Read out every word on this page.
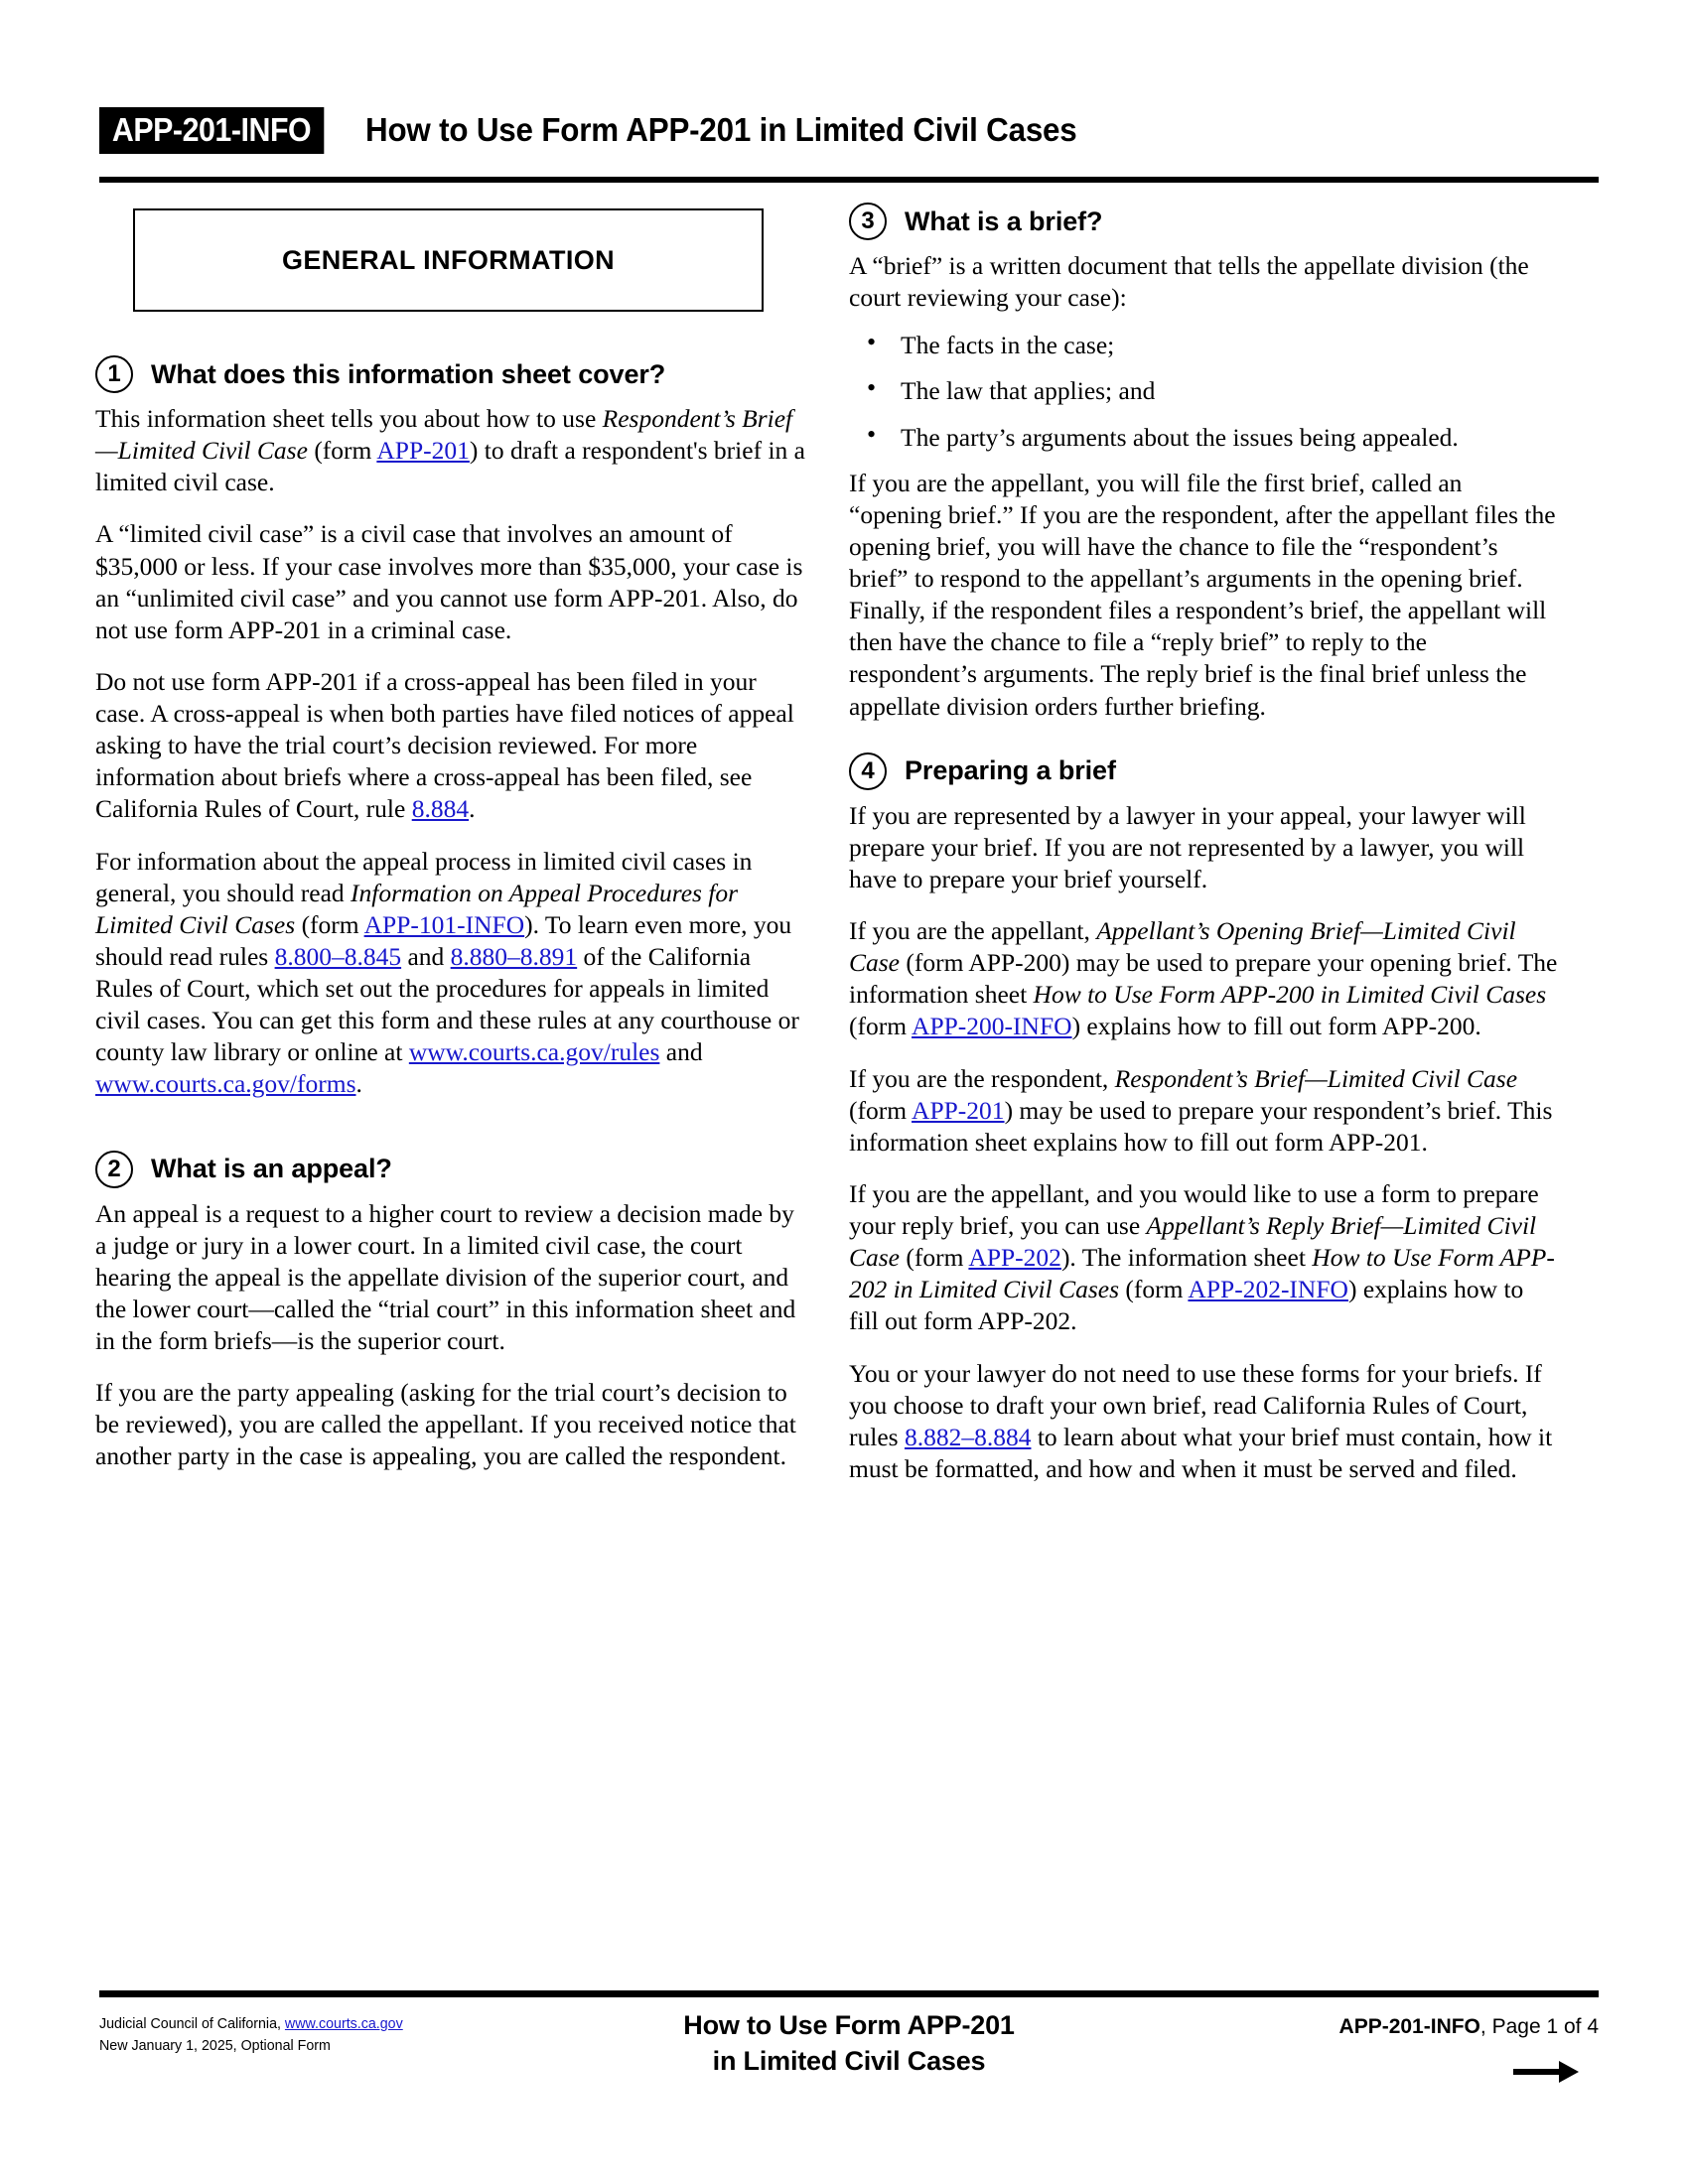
APP-201-INFO	How to Use Form APP-201 in Limited Civil Cases
GENERAL INFORMATION
1	What does this information sheet cover?

This information sheet tells you about how to use Respondent’s Brief—Limited Civil Case (form APP-201) to draft a respondent's brief in a limited civil case.

A “limited civil case” is a civil case that involves an amount of $35,000 or less. If your case involves more than $35,000, your case is an “unlimited civil case” and you cannot use form APP-201. Also, do not use form APP-201 in a criminal case.

Do not use form APP-201 if a cross-appeal has been filed in your case. A cross-appeal is when both parties have filed notices of appeal asking to have the trial court’s decision reviewed. For more information about briefs where a cross-appeal has been filed, see California Rules of Court, rule 8.884.

For information about the appeal process in limited civil cases in general, you should read Information on Appeal Procedures for Limited Civil Cases (form APP-101-INFO). To learn even more, you should read rules 8.800–8.845 and 8.880–8.891 of the California Rules of Court, which set out the procedures for appeals in limited civil cases. You can get this form and these rules at any courthouse or county law library or online at www.courts.ca.gov/rules and www.courts.ca.gov/forms.

2	What is an appeal?

An appeal is a request to a higher court to review a decision made by a judge or jury in a lower court. In a limited civil case, the court hearing the appeal is the appellate division of the superior court, and the lower court—called the “trial court” in this information sheet and in the form briefs—is the superior court.

If you are the party appealing (asking for the trial court’s decision to be reviewed), you are called the appellant. If you received notice that another party in the case is appealing, you are called the respondent.

3	What is a brief?

A “brief” is a written document that tells the appellate division (the court reviewing your case):

• The facts in the case;
• The law that applies; and
• The party’s arguments about the issues being appealed.

If you are the appellant, you will file the first brief, called an “opening brief.” If you are the respondent, after the appellant files the opening brief, you will have the chance to file the “respondent’s brief” to respond to the appellant’s arguments in the opening brief. Finally, if the respondent files a respondent’s brief, the appellant will then have the chance to file a “reply brief” to reply to the respondent’s arguments. The reply brief is the final brief unless the appellate division orders further briefing.

4	Preparing a brief

If you are represented by a lawyer in your appeal, your lawyer will prepare your brief. If you are not represented by a lawyer, you will have to prepare your brief yourself.

If you are the appellant, Appellant’s Opening Brief—Limited Civil Case (form APP-200) may be used to prepare your opening brief. The information sheet How to Use Form APP-200 in Limited Civil Cases (form APP-200-INFO) explains how to fill out form APP-200.

If you are the respondent, Respondent’s Brief—Limited Civil Case (form APP-201) may be used to prepare your respondent’s brief. This information sheet explains how to fill out form APP-201.

If you are the appellant, and you would like to use a form to prepare your reply brief, you can use Appellant’s Reply Brief—Limited Civil Case (form APP-202). The information sheet How to Use Form APP-202 in Limited Civil Cases (form APP-202-INFO) explains how to fill out form APP-202.

You or your lawyer do not need to use these forms for your briefs. If you choose to draft your own brief, read California Rules of Court, rules 8.882–8.884 to learn about what your brief must contain, how it must be formatted, and how and when it must be served and filed.

Judicial Council of California, www.courts.ca.gov
New January 1, 2025, Optional Form
How to Use Form APP-201
in Limited Civil Cases
APP-201-INFO, Page 1 of 4
